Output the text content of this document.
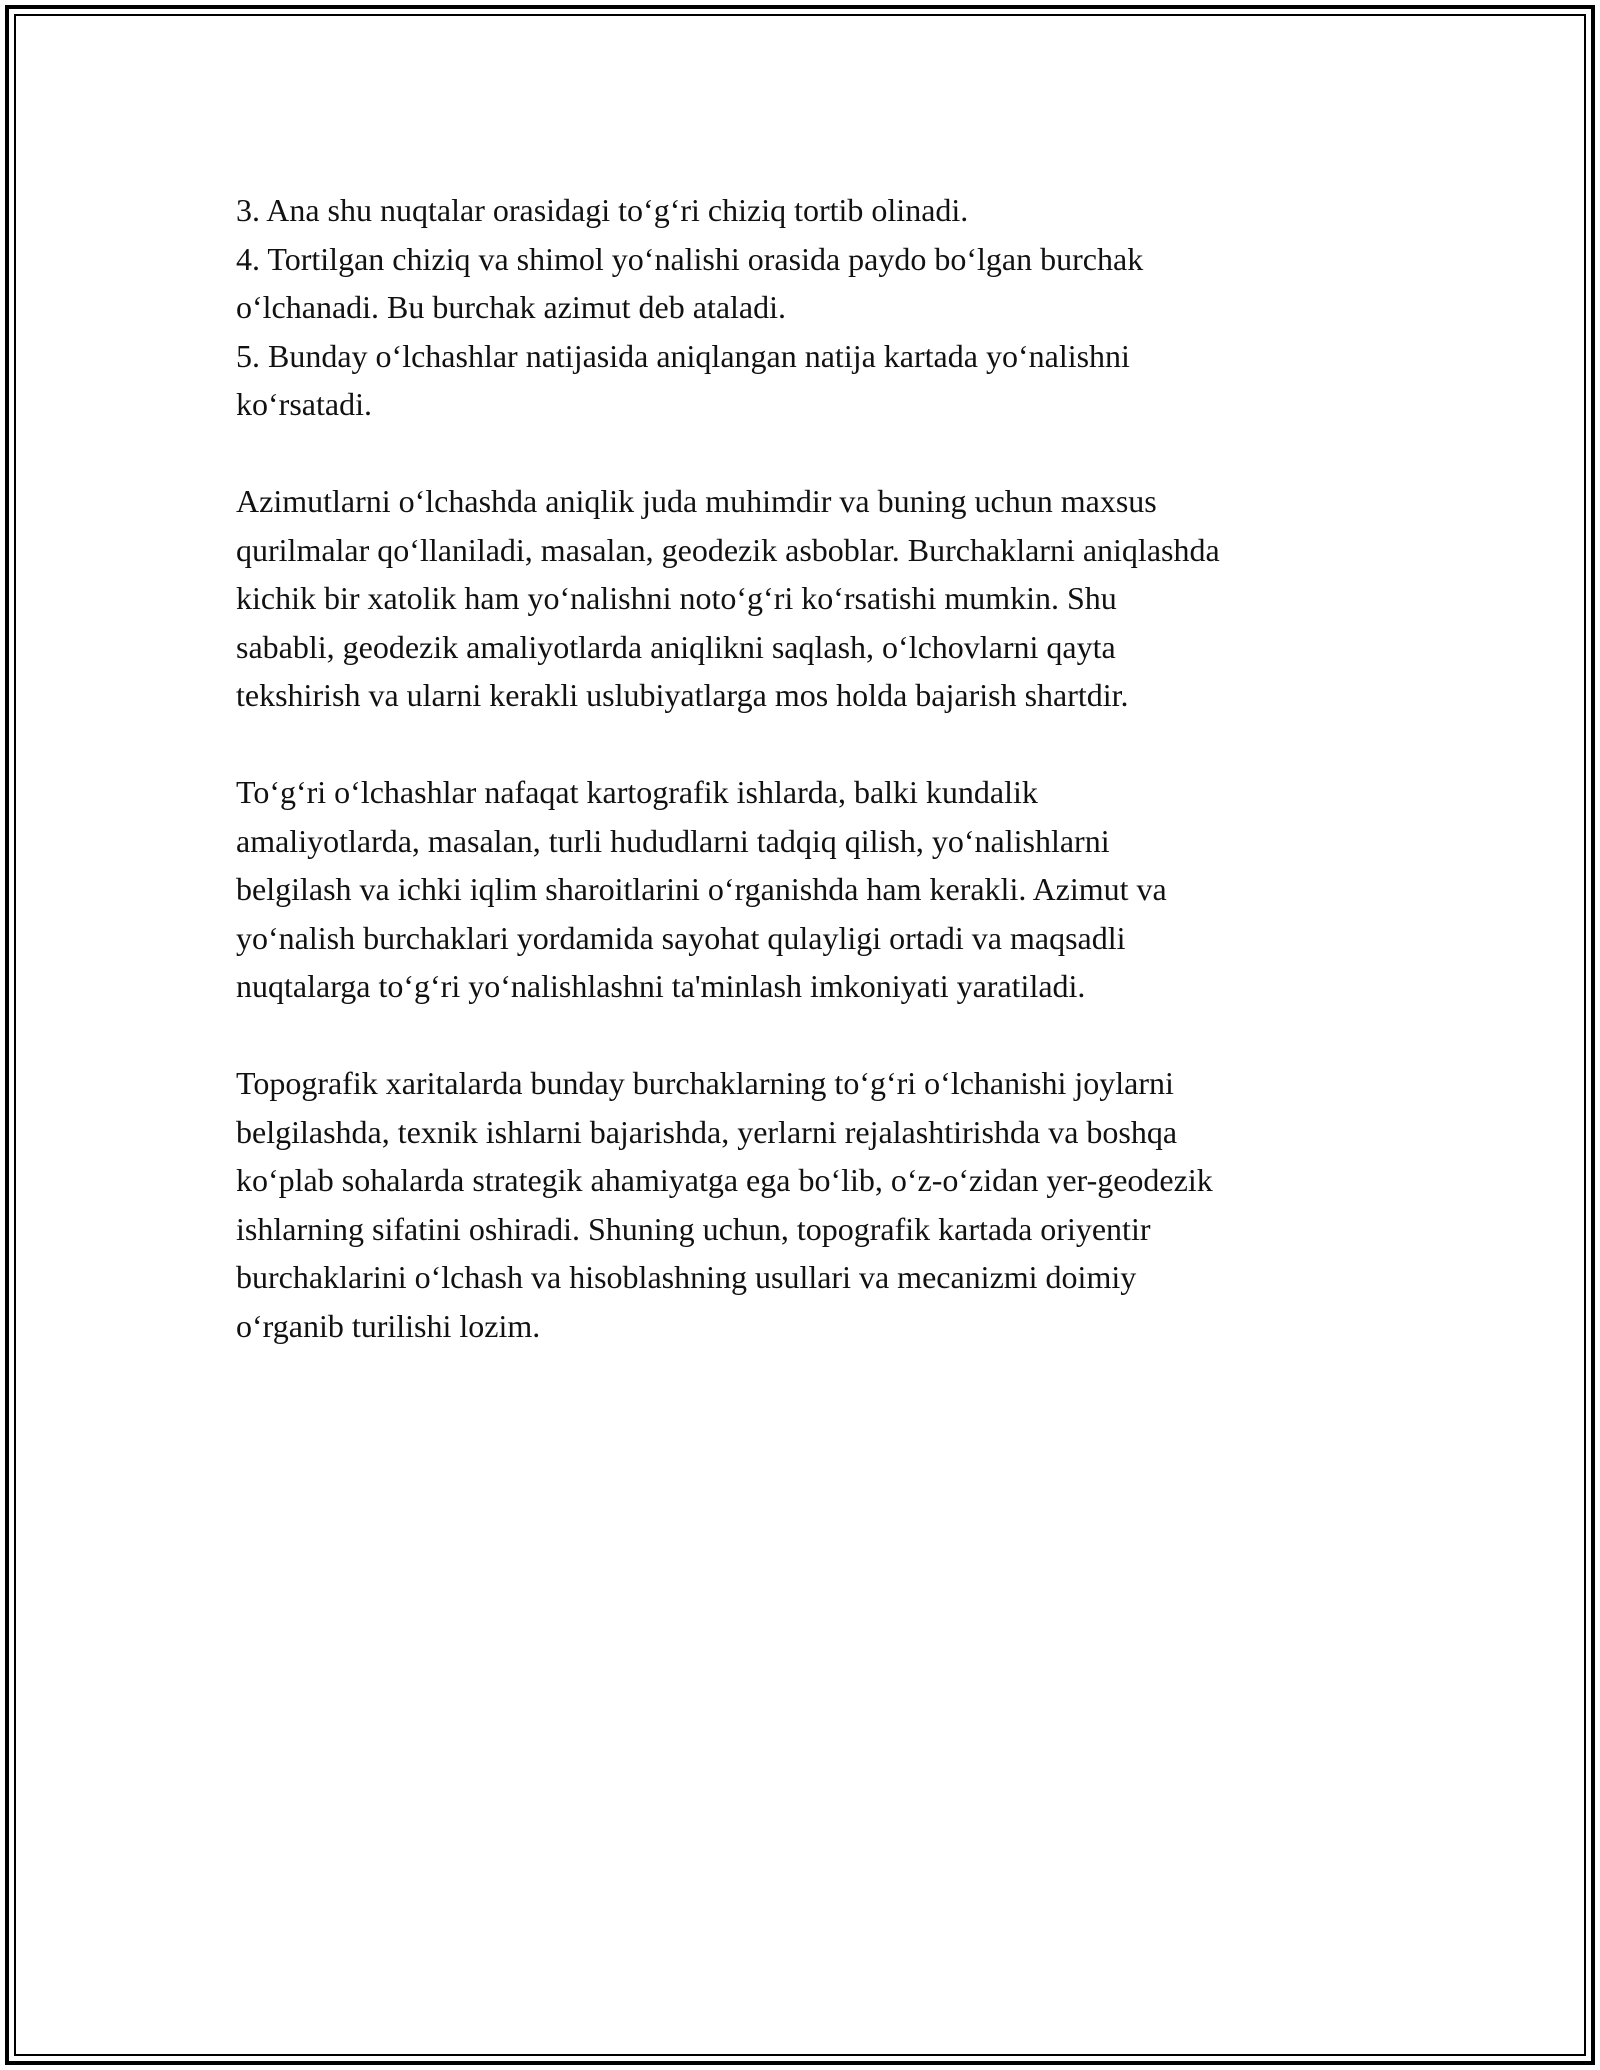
3. Ana shu nuqtalar orasidagi to‘g‘ri chiziq tortib olinadi.
4. Tortilgan chiziq va shimol yo‘nalishi orasida paydo bo‘lgan burchak
o‘lchanadi. Bu burchak azimut deb ataladi.
5. Bunday o‘lchashlar natijasida aniqlangan natija kartada yo‘nalishni
ko‘rsatadi.
Azimutlarni o‘lchashda aniqlik juda muhimdir va buning uchun maxsus
qurilmalar qo‘llaniladi, masalan, geodezik asboblar. Burchaklarni aniqlashda
kichik bir xatolik ham yo‘nalishni noto‘g‘ri ko‘rsatishi mumkin. Shu
sababli, geodezik amaliyotlarda aniqlikni saqlash, o‘lchovlarni qayta
tekshirish va ularni kerakli uslubiyatlarga mos holda bajarish shartdir.
To‘g‘ri o‘lchashlar nafaqat kartografik ishlarda, balki kundalik
amaliyotlarda, masalan, turli hududlarni tadqiq qilish, yo‘nalishlarni
belgilash va ichki iqlim sharoitlarini o‘rganishda ham kerakli. Azimut va
yo‘nalish burchaklari yordamida sayohat qulayligi ortadi va maqsadli
nuqtalarga to‘g‘ri yo‘nalishlashni ta'minlash imkoniyati yaratiladi.
Topografik xaritalarda bunday burchaklarning to‘g‘ri o‘lchanishi joylarni
belgilashda, texnik ishlarni bajarishda, yerlarni rejalashtirishda va boshqa
ko‘plab sohalarda strategik ahamiyatga ega bo‘lib, o‘z-o‘zidan yer-geodezik
ishlarning sifatini oshiradi. Shuning uchun, topografik kartada oriyentir
burchaklarini o‘lchash va hisoblashning usullari va mecanizmi doimiy
o‘rganib turilishi lozim.
